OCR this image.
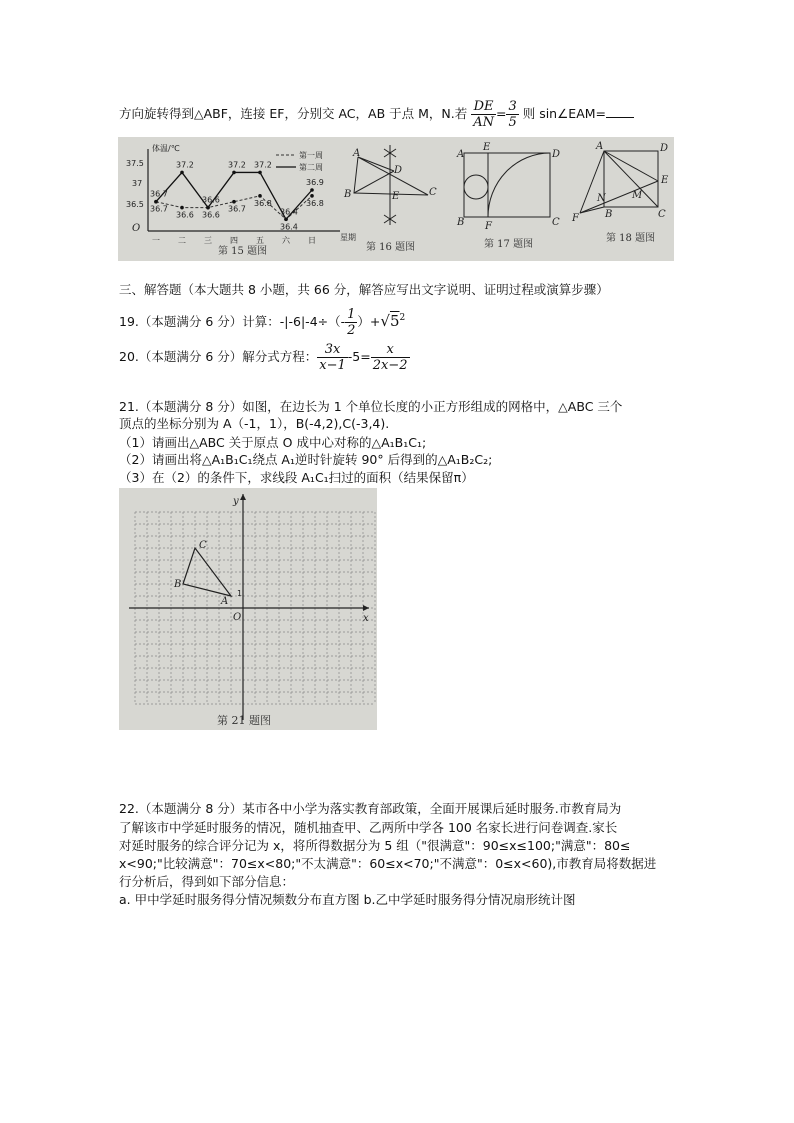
方向旋转得到△ABF，连接 EF，分别交 AC，AB 于点 M，N.若 $\frac{DE}{AN} = \frac{3}{5}$ 则 sin∠EAM=
体温/℃
星期
O
37.5
37
36.5
一 二 三 四 五 六 日
36.7
36.6 36.6
36.7
36.8
36.4
36.8
36.7
37.2
36.6
37.2 37.2
36.4
36.9
第一周
第二周
第 15 题图
A
B	C
D
E
第 16 题图
A
E
D
B F	C
第 17 题图
A	D
E
C
B
F
N	M
第 18 题图
三、解答题（本大题共 8 小题，共 66 分，解答应写出文字说明、证明过程或演算步骤）
19.（本题满分 6 分）计算：$-|-6|-4\div(- \frac{1}{2} )+√5^2$
20.（本题满分 6 分）解分式方程： $\frac{3x}{x-1} -5= \frac{x}{2x-2}$
21.（本题满分 8 分）如图，在边长为 1 个单位长度的小正方形组成的网格中，△ABC 三个
顶点的坐标分别为 A（-1，1），B(-4,2),C(-3,4).
（1）请画出△ABC 关于原点 O 成中心对称的△A₁B₁C₁;
（2）请画出将△A₁B₁C₁绕点 A₁逆时针旋转 90° 后得到的△A₁B₂C₂;
（3）在（2）的条件下，求线段 A₁C₁扫过的面积（结果保留π）
x
y
O
1
A
B
C
第 21 题图
22.（本题满分 8 分）某市各中小学为落实教育部政策，全面开展课后延时服务.市教育局为
了解该市中学延时服务的情况，随机抽查甲、乙两所中学各 100 名家长进行问卷调查.家长
对延时服务的综合评分记为 x，将所得数据分为 5 组（"很满意"：90≤x≤100;"满意"：80≤
x<90;"比较满意"：70≤x<80;"不太满意"：60≤x<70;"不满意"：0≤x<60),市教育局将数据进
行分析后，得到如下部分信息：
a. 甲中学延时服务得分情况频数分布直方图 b.乙中学延时服务得分情况扇形统计图
